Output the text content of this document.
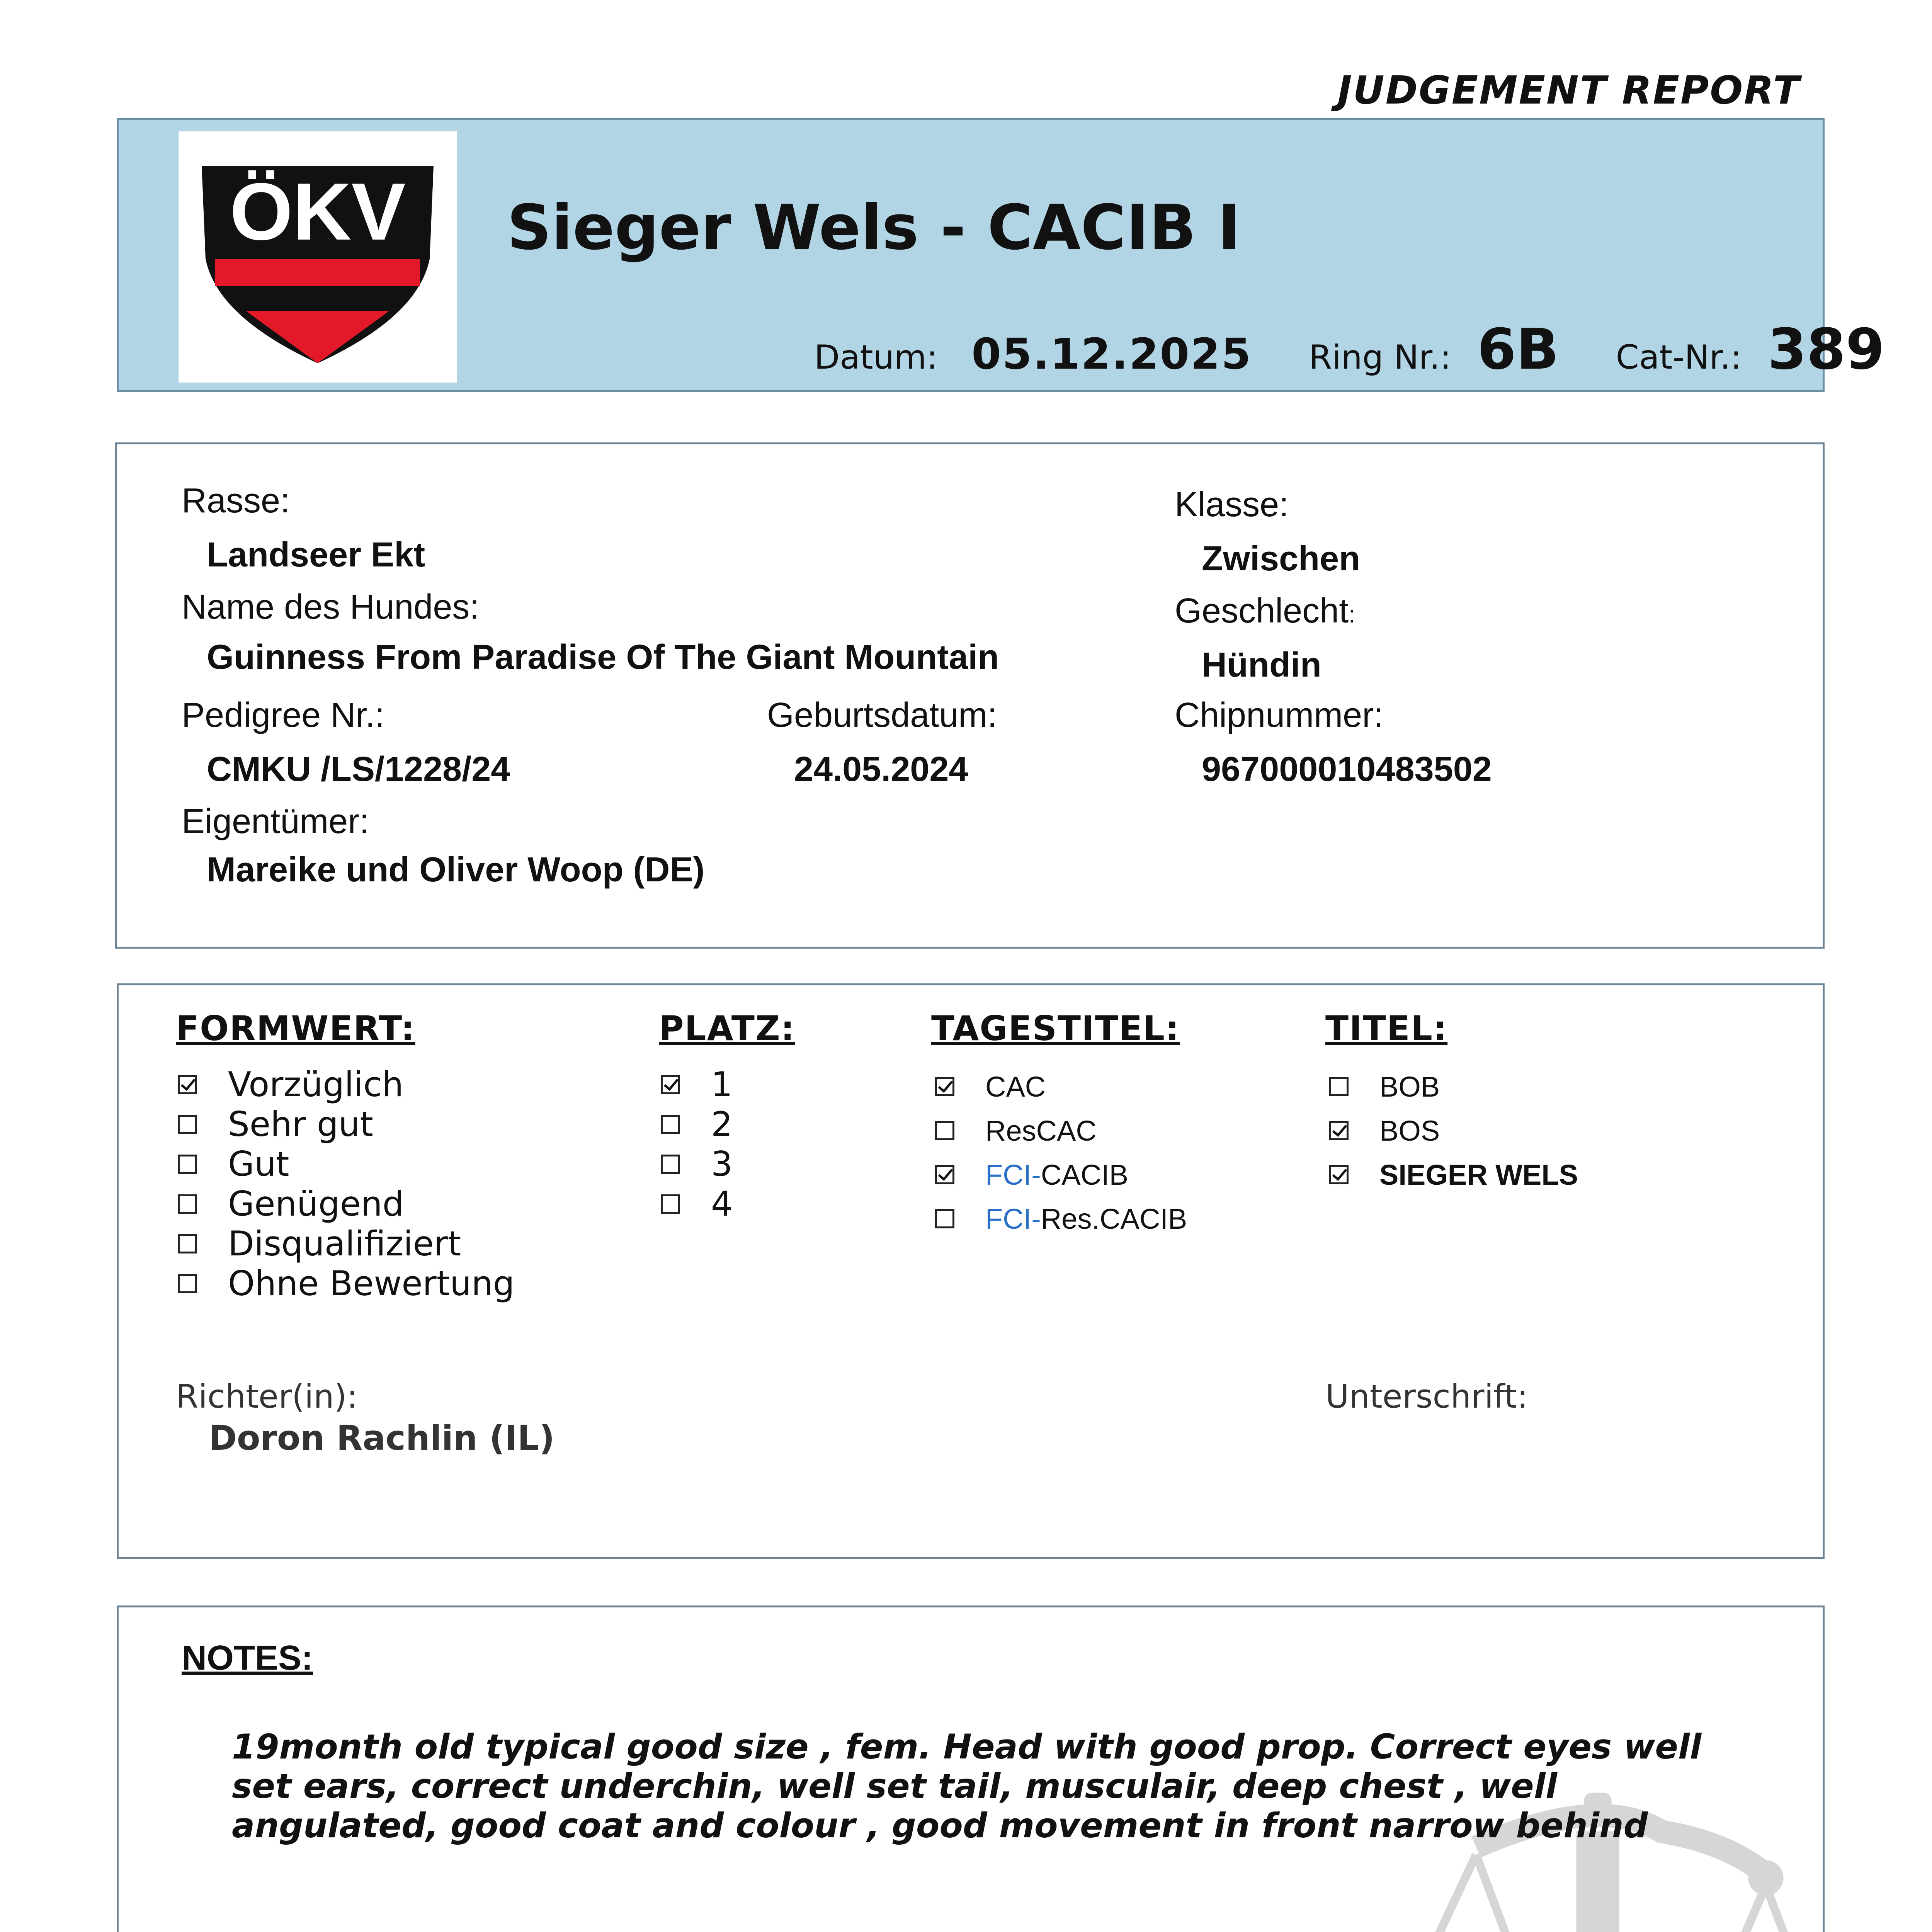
JUDGEMENT REPORT
ÖKV Sieger Wels - CACIB I
Datum: 05.12.2025 Ring Nr.: 6B Cat-Nr.: 389
Rasse:
Landseer Ekt
Klasse:
Zwischen
Name des Hundes:
Guinness From Paradise Of The Giant Mountain
Geschlecht:
Hündin
Pedigree Nr.:
CMKU /LS/1228/24
Geburtsdatum:
24.05.2024
Chipnummer:
967000010483502
Eigentümer:
Mareike und Oliver Woop (DE)
FORMWERT:
Vorzüglich
Sehr gut
Gut
Genügend
Disqualifiziert
Ohne Bewertung
PLATZ:
1
2
3
4
TAGESTITEL:
CAC
ResCAC
FCI-CACIB
FCI-Res.CACIB
TITEL:
BOB
BOS
SIEGER WELS
Richter(in):
Doron Rachlin (IL)
Unterschrift:
NOTES:
19month old typical good size , fem. Head with good prop. Correct eyes well set ears, correct underchin, well set tail, musculair, deep chest , well angulated, good coat and colour , good movement in front narrow behind
